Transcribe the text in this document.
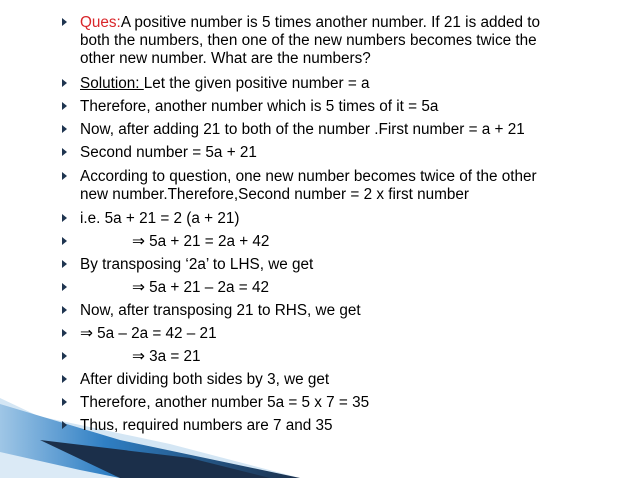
Ques:A positive number is 5 times another number. If 21 is added to
both the numbers, then one of the new numbers becomes twice the
other new number. What are the numbers?
Solution: Let the given positive number = a
Therefore, another number which is 5 times of it = 5a
Now, after adding 21 to both of the number .First number = a + 21
Second number = 5a + 21
According to question, one new number becomes twice of the other
new number.Therefore,Second number = 2 x first number
i.e. 5a + 21 = 2 (a + 21)
⇒ 5a + 21 = 2a + 42
By transposing ‘2a’ to LHS, we get
⇒ 5a + 21 – 2a = 42
Now, after transposing 21 to RHS, we get
⇒ 5a – 2a = 42 – 21
⇒ 3a = 21
After dividing both sides by 3, we get
Therefore, another number 5a = 5 x 7 = 35
Thus, required numbers are 7 and 35
